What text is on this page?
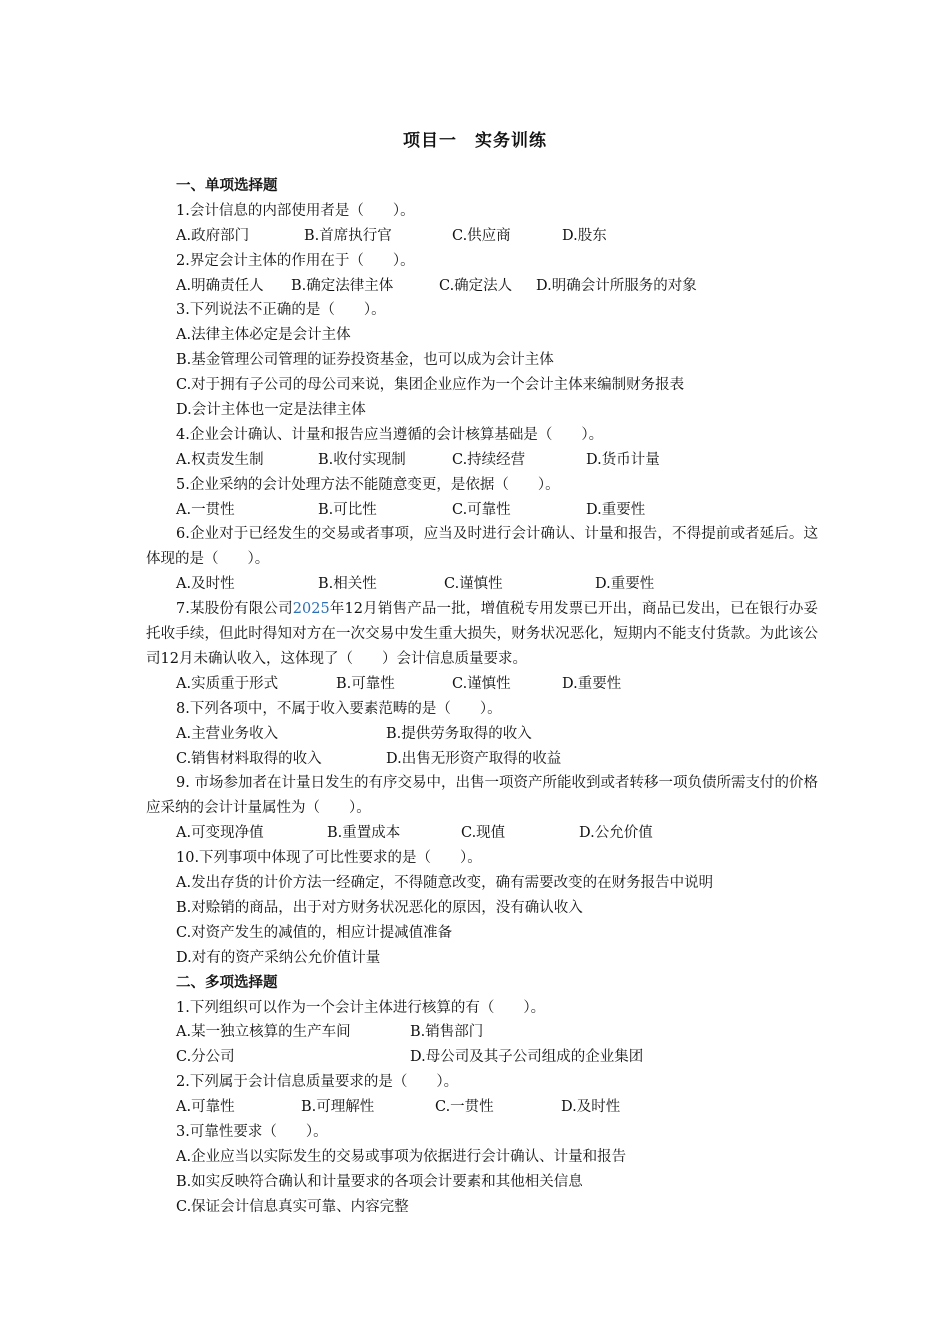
项目一　实务训练
一、单项选择题
1.会计信息的内部使用者是（　　）。
A.政府部门	B.首席执行官	C.供应商	D.股东
2.界定会计主体的作用在于（　　）。
A.明确责任人 B.确定法律主体	C.确定法人 D.明确会计所服务的对象
3.下列说法不正确的是（　　）。
A.法律主体必定是会计主体
B.基金管理公司管理的证券投资基金，也可以成为会计主体
C.对于拥有子公司的母公司来说，集团企业应作为一个会计主体来编制财务报表
D.会计主体也一定是法律主体
4.企业会计确认、计量和报告应当遵循的会计核算基础是（　　）。
A.权责发生制	B.收付实现制	C.持续经营	D.货币计量
5.企业采纳的会计处理方法不能随意变更，是依据（　　）。
A.一贯性	B.可比性	C.可靠性	D.重要性
6.企业对于已经发生的交易或者事项，应当及时进行会计确认、计量和报告，不得提前或者延后。这体现的是（　　）。
A.及时性	B.相关性	C.谨慎性	D.重要性
7.某股份有限公司2025年12月销售产品一批，增值税专用发票已开出，商品已发出，已在银行办妥托收手续，但此时得知对方在一次交易中发生重大损失，财务状况恶化，短期内不能支付货款。为此该公司12月未确认收入，这体现了（　　）会计信息质量要求。
A.实质重于形式	B.可靠性	C.谨慎性	D.重要性
8.下列各项中，不属于收入要素范畴的是（　　）。
A.主营业务收入	B.提供劳务取得的收入
C.销售材料取得的收入	D.出售无形资产取得的收益
9. 市场参加者在计量日发生的有序交易中，出售一项资产所能收到或者转移一项负债所需支付的价格应采纳的会计计量属性为（　　）。
A.可变现净值	B.重置成本	C.现值	D.公允价值
10.下列事项中体现了可比性要求的是（　　）。
A.发出存货的计价方法一经确定，不得随意改变，确有需要改变的在财务报告中说明
B.对赊销的商品，出于对方财务状况恶化的原因，没有确认收入
C.对资产发生的减值的，相应计提减值准备
D.对有的资产采纳公允价值计量
二、多项选择题
1.下列组织可以作为一个会计主体进行核算的有（　　）。
A.某一独立核算的生产车间	B.销售部门
C.分公司	D.母公司及其子公司组成的企业集团
2.下列属于会计信息质量要求的是（　　）。
A.可靠性	B.可理解性	C.一贯性	D.及时性
3.可靠性要求（　　）。
A.企业应当以实际发生的交易或事项为依据进行会计确认、计量和报告
B.如实反映符合确认和计量要求的各项会计要素和其他相关信息
C.保证会计信息真实可靠、内容完整
